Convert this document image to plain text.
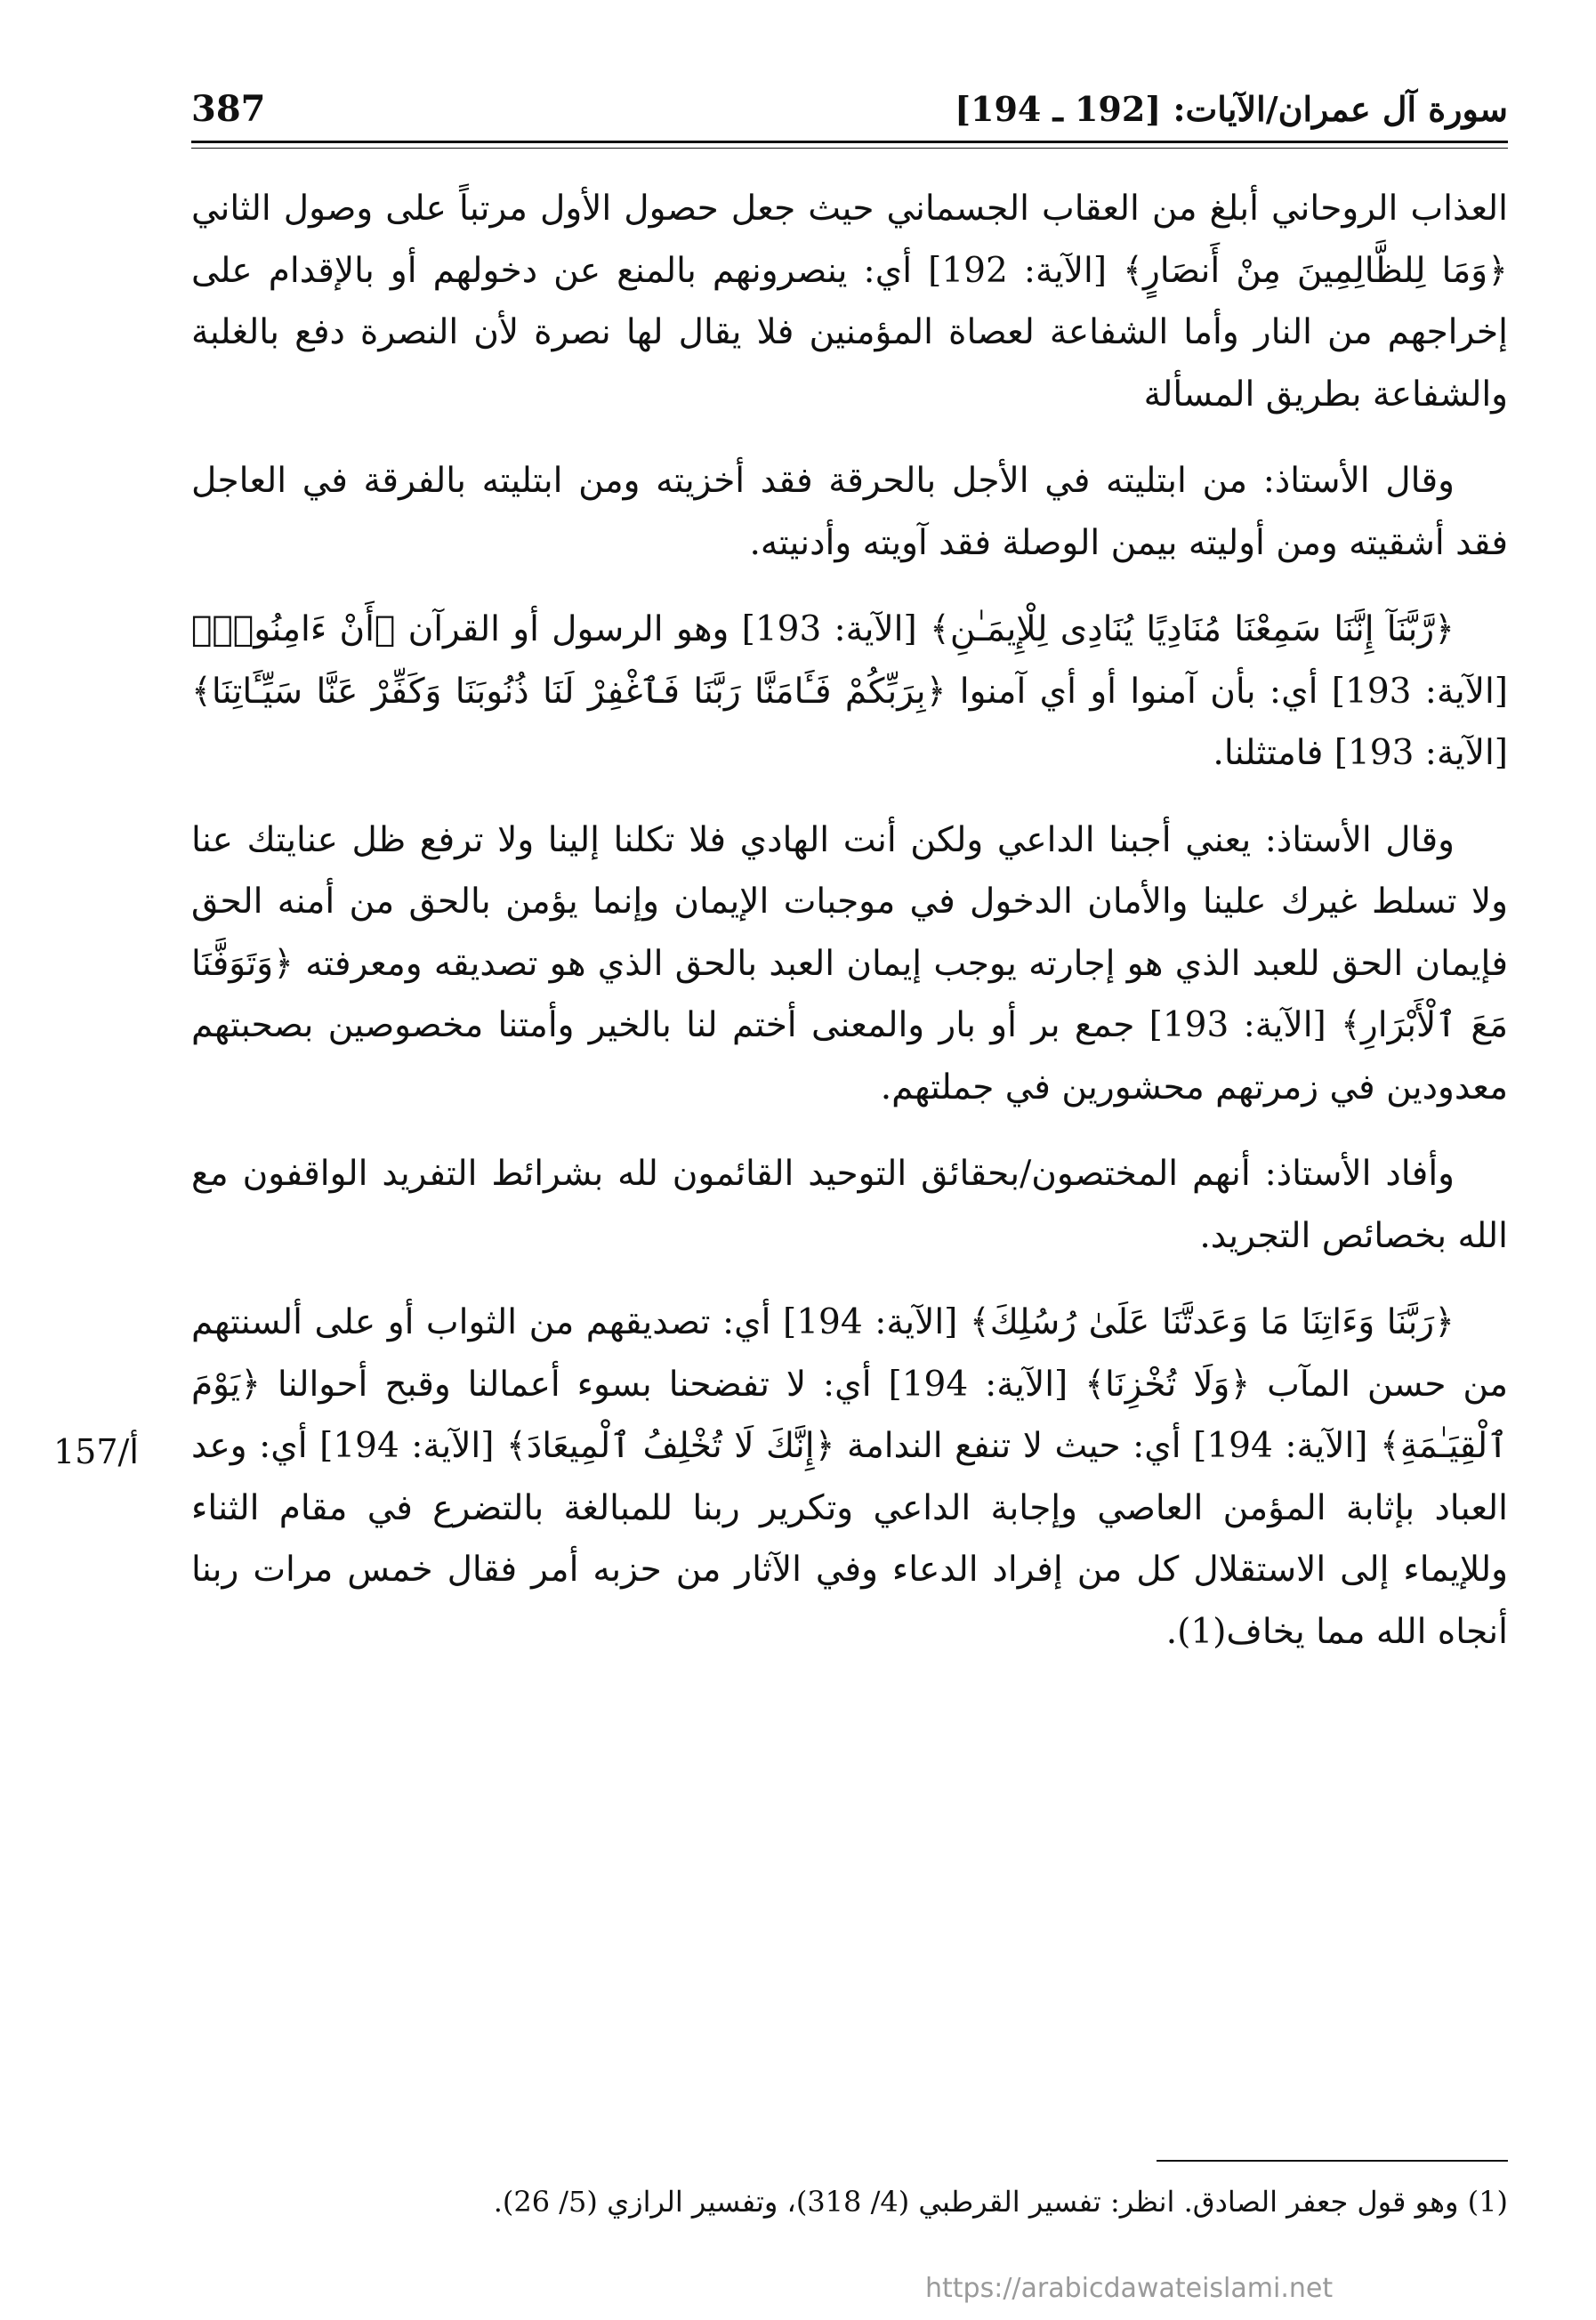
سورة آل عمران/الآيات: [192 ـ 194]
387

العذاب الروحاني أبلغ من العقاب الجسماني حيث جعل حصول الأول مرتباً على وصول الثاني ﴿وَمَا لِلظَّالِمِينَ مِنْ أَنصَارٍ﴾ [الآية: 192] أي: ينصرونهم بالمنع عن دخولهم أو بالإقدام على إخراجهم من النار وأما الشفاعة لعصاة المؤمنين فلا يقال لها نصرة لأن النصرة دفع بالغلبة والشفاعة بطريق المسألة

وقال الأستاذ: من ابتليته في الأجل بالحرقة فقد أخزيته ومن ابتليته بالفرقة في العاجل فقد أشقيته ومن أوليته بيمن الوصلة فقد آويته وأدنيته.

﴿رَّبَّنَآ إِنَّنَا سَمِعْنَا مُنَادِيًا يُنَادِى لِلْإِيمَـٰنِ﴾ [الآية: 193] وهو الرسول أو القرآن ﴿أَنْ ءَامِنُوا۟﴾ [الآية: 193] أي: بأن آمنوا أو أي آمنوا ﴿بِرَبِّكُمْ فَـَٔامَنَّا رَبَّنَا فَٱغْفِرْ لَنَا ذُنُوبَنَا وَكَفِّرْ عَنَّا سَيِّـَٔاتِنَا﴾ [الآية: 193] فامتثلنا.

وقال الأستاذ: يعني أجبنا الداعي ولكن أنت الهادي فلا تكلنا إلينا ولا ترفع ظل عنايتك عنا ولا تسلط غيرك علينا والأمان الدخول في موجبات الإيمان وإنما يؤمن بالحق من أمنه الحق فإيمان الحق للعبد الذي هو إجارته يوجب إيمان العبد بالحق الذي هو تصديقه ومعرفته ﴿وَتَوَفَّنَا مَعَ ٱلْأَبْرَارِ﴾ [الآية: 193] جمع بر أو بار والمعنى أختم لنا بالخير وأمتنا مخصوصين بصحبتهم معدودين في زمرتهم محشورين في جملتهم.

وأفاد الأستاذ: أنهم المختصون/بحقائق التوحيد القائمون لله بشرائط التفريد الواقفون مع الله بخصائص التجريد.

﴿رَبَّنَا وَءَاتِنَا مَا وَعَدتَّنَا عَلَىٰ رُسُلِكَ﴾ [الآية: 194] أي: تصديقهم من الثواب أو على ألسنتهم من حسن المآب ﴿وَلَا تُخْزِنَا﴾ [الآية: 194] أي: لا تفضحنا بسوء أعمالنا وقبح أحوالنا ﴿يَوْمَ ٱلْقِيَـٰمَةِ﴾ [الآية: 194] أي: حيث لا تنفع الندامة ﴿إِنَّكَ لَا تُخْلِفُ ٱلْمِيعَادَ﴾ [الآية: 194] أي: وعد العباد بإثابة المؤمن العاصي وإجابة الداعي وتكرير ربنا للمبالغة بالتضرع في مقام الثناء وللإيماء إلى الاستقلال كل من إفراد الدعاء وفي الآثار من حزبه أمر فقال خمس مرات ربنا أنجاه الله مما يخاف(1).

157/أ
(1) وهو قول جعفر الصادق. انظر: تفسير القرطبي (4/ 318)، وتفسير الرازي (5/ 26).
https://arabicdawateislami.net
